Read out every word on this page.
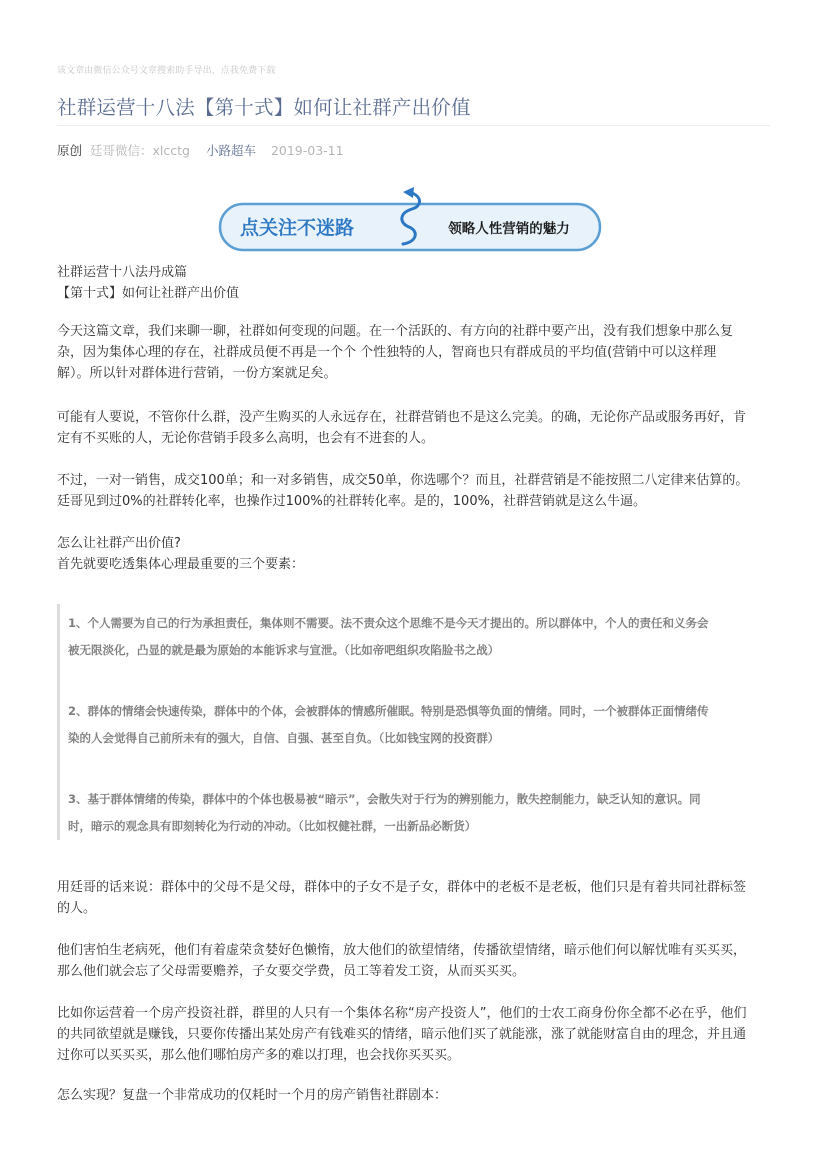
该文章由微信公众号文章搜索助手导出，点我免费下载
社群运营十八法【第十式】如何让社群产出价值
原创 廷哥微信：xlcctg 小路超车 2019-03-11
点关注不迷路	领略人性营销的魅力
社群运营十八法丹成篇
【第十式】如何让社群产出价值
今天这篇文章，我们来聊一聊，社群如何变现的问题。在一个活跃的、有方向的社群中要产出，没有我们想象中那么复
杂，因为集体心理的存在，社群成员便不再是一个个 个性独特的人，智商也只有群成员的平均值(营销中可以这样理
解）。所以针对群体进行营销，一份方案就足矣。
可能有人要说，不管你什么群，没产生购买的人永远存在，社群营销也不是这么完美。的确，无论你产品或服务再好，肯
定有不买账的人，无论你营销手段多么高明，也会有不进套的人。
不过，一对一销售，成交100单；和一对多销售，成交50单，你选哪个？而且，社群营销是不能按照二八定律来估算的。
廷哥见到过0%的社群转化率，也操作过100%的社群转化率。是的，100%，社群营销就是这么牛逼。
怎么让社群产出价值?
首先就要吃透集体心理最重要的三个要素：
1、个人需要为自己的行为承担责任，集体则不需要。法不责众这个思维不是今天才提出的。所以群体中，个人的责任和义务会
被无限淡化，凸显的就是最为原始的本能诉求与宣泄。（比如帝吧组织攻陷脸书之战）
2、群体的情绪会快速传染，群体中的个体，会被群体的情感所催眠。特别是恐惧等负面的情绪。同时，一个被群体正面情绪传
染的人会觉得自己前所未有的强大，自信、自强、甚至自负。（比如钱宝网的投资群）
3、基于群体情绪的传染，群体中的个体也极易被“暗示”，会散失对于行为的辨别能力，散失控制能力，缺乏认知的意识。同
时，暗示的观念具有即刻转化为行动的冲动。（比如权健社群，一出新品必断货）
用廷哥的话来说：群体中的父母不是父母，群体中的子女不是子女，群体中的老板不是老板，他们只是有着共同社群标签
的人。
他们害怕生老病死，他们有着虚荣贪婪好色懒惰，放大他们的欲望情绪，传播欲望情绪，暗示他们何以解忧唯有买买买，
那么他们就会忘了父母需要赡养，子女要交学费，员工等着发工资，从而买买买。
比如你运营着一个房产投资社群，群里的人只有一个集体名称“房产投资人”，他们的士农工商身份你全都不必在乎，他们
的共同欲望就是赚钱，只要你传播出某处房产有钱难买的情绪，暗示他们买了就能涨，涨了就能财富自由的理念，并且通
过你可以买买买，那么他们哪怕房产多的难以打理，也会找你买买买。
怎么实现？复盘一个非常成功的仅耗时一个月的房产销售社群剧本：
